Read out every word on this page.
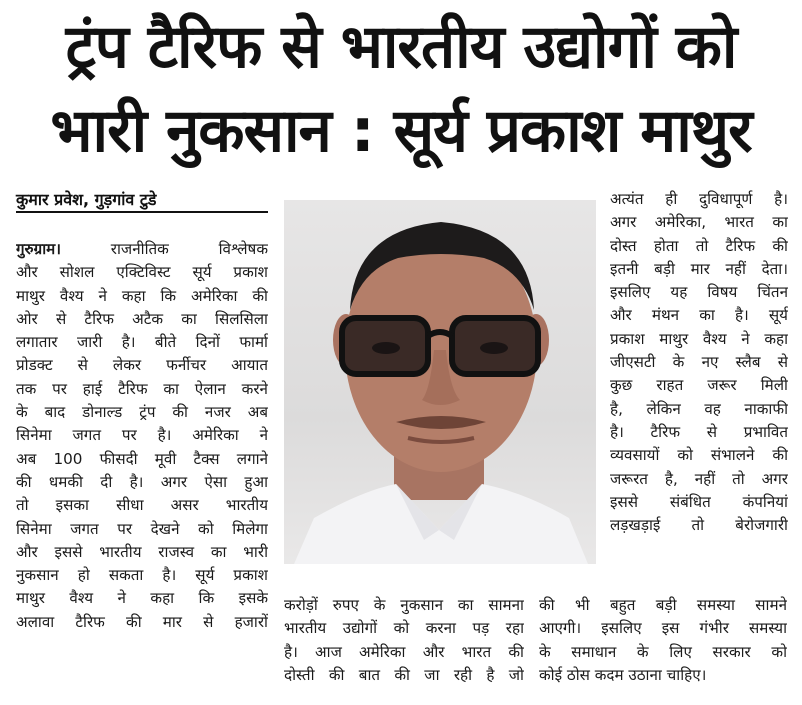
ट्रंप टैरिफ से भारतीय उद्योगों को
भारी नुकसान : सूर्य प्रकाश माथुर
कुमार प्रवेश, गुड़गांव टुडे
गुरुग्राम। राजनीतिक विश्लेषक
और सोशल एक्टिविस्ट सूर्य प्रकाश
माथुर वैश्य ने कहा कि अमेरिका की
ओर से टैरिफ अटैक का सिलसिला
लगातार जारी है। बीते दिनों फार्मा
प्रोडक्ट से लेकर फर्नीचर आयात
तक पर हाई टैरिफ का ऐलान करने
के बाद डोनाल्ड ट्रंप की नजर अब
सिनेमा जगत पर है। अमेरिका ने
अब 100 फीसदी मूवी टैक्स लगाने
की धमकी दी है। अगर ऐसा हुआ
तो इसका सीधा असर भारतीय
सिनेमा जगत पर देखने को मिलेगा
और इससे भारतीय राजस्व का भारी
नुकसान हो सकता है। सूर्य प्रकाश
माथुर वैश्य ने कहा कि इसके
अलावा टैरिफ की मार से हजारों
करोड़ों रुपए के नुकसान का सामना
भारतीय उद्योगों को करना पड़ रहा
है। आज अमेरिका और भारत की
दोस्ती की बात की जा रही है जो
की भी बहुत बड़ी समस्या सामने
आएगी। इसलिए इस गंभीर समस्या
के समाधान के लिए सरकार को
कोई ठोस कदम उठाना चाहिए।
अत्यंत ही दुविधापूर्ण है।
अगर अमेरिका, भारत का
दोस्त होता तो टैरिफ की
इतनी बड़ी मार नहीं देता।
इसलिए यह विषय चिंतन
और मंथन का है। सूर्य
प्रकाश माथुर वैश्य ने कहा
जीएसटी के नए स्लैब से
कुछ राहत जरूर मिली
है, लेकिन वह नाकाफी
है। टैरिफ से प्रभावित
व्यवसायों को संभालने की
जरूरत है, नहीं तो अगर
इससे संबंधित कंपनियां
लड़खड़ाई तो बेरोजगारी
